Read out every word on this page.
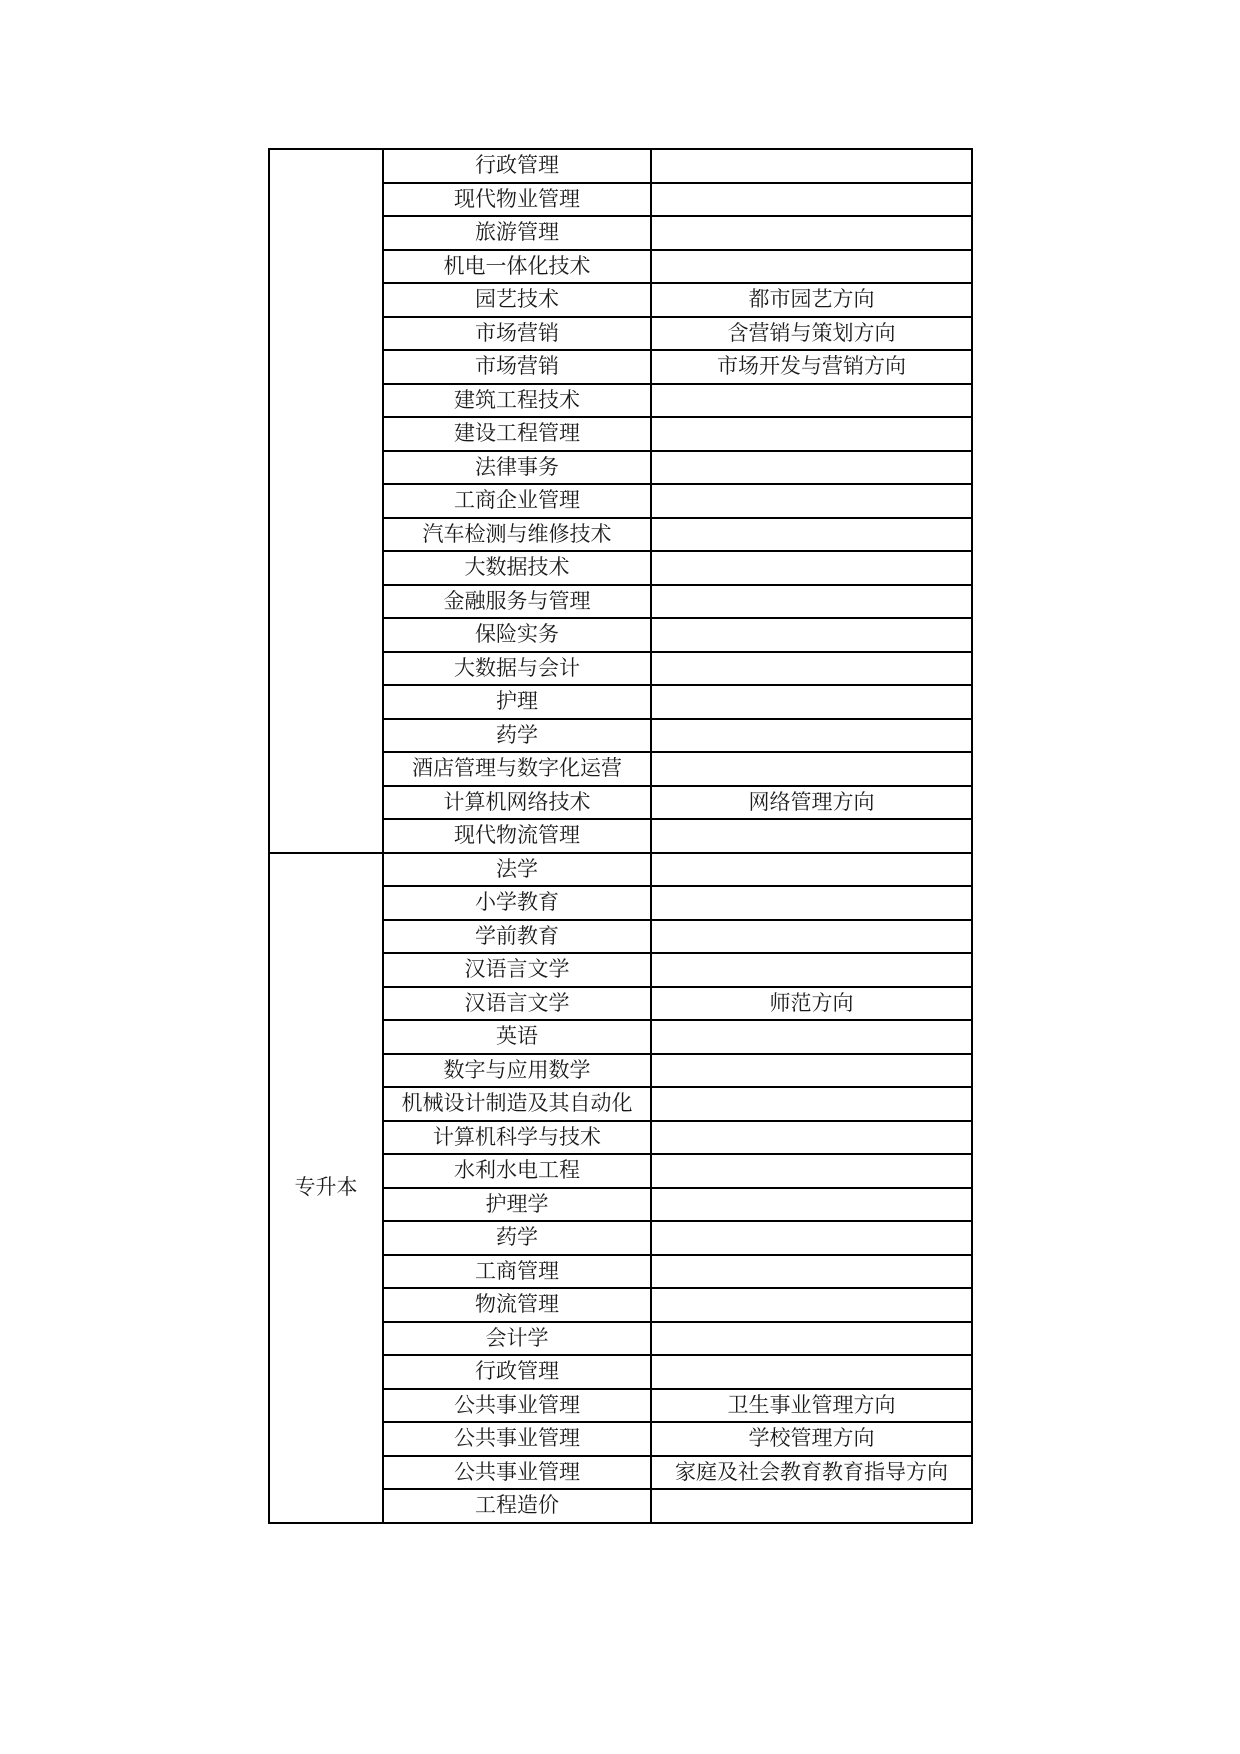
	行政管理	
	现代物业管理	
	旅游管理	
	机电一体化技术	
	园艺技术	都市园艺方向
	市场营销	含营销与策划方向
	市场营销	市场开发与营销方向
	建筑工程技术	
	建设工程管理	
	法律事务	
	工商企业管理	
	汽车检测与维修技术	
	大数据技术	
	金融服务与管理	
	保险实务	
	大数据与会计	
	护理	
	药学	
	酒店管理与数字化运营	
	计算机网络技术	网络管理方向
	现代物流管理	
专升本	法学	
	小学教育	
	学前教育	
	汉语言文学	
	汉语言文学	师范方向
	英语	
	数字与应用数学	
	机械设计制造及其自动化	
	计算机科学与技术	
	水利水电工程	
	护理学	
	药学	
	工商管理	
	物流管理	
	会计学	
	行政管理	
	公共事业管理	卫生事业管理方向
	公共事业管理	学校管理方向
	公共事业管理	家庭及社会教育教育指导方向
	工程造价	
